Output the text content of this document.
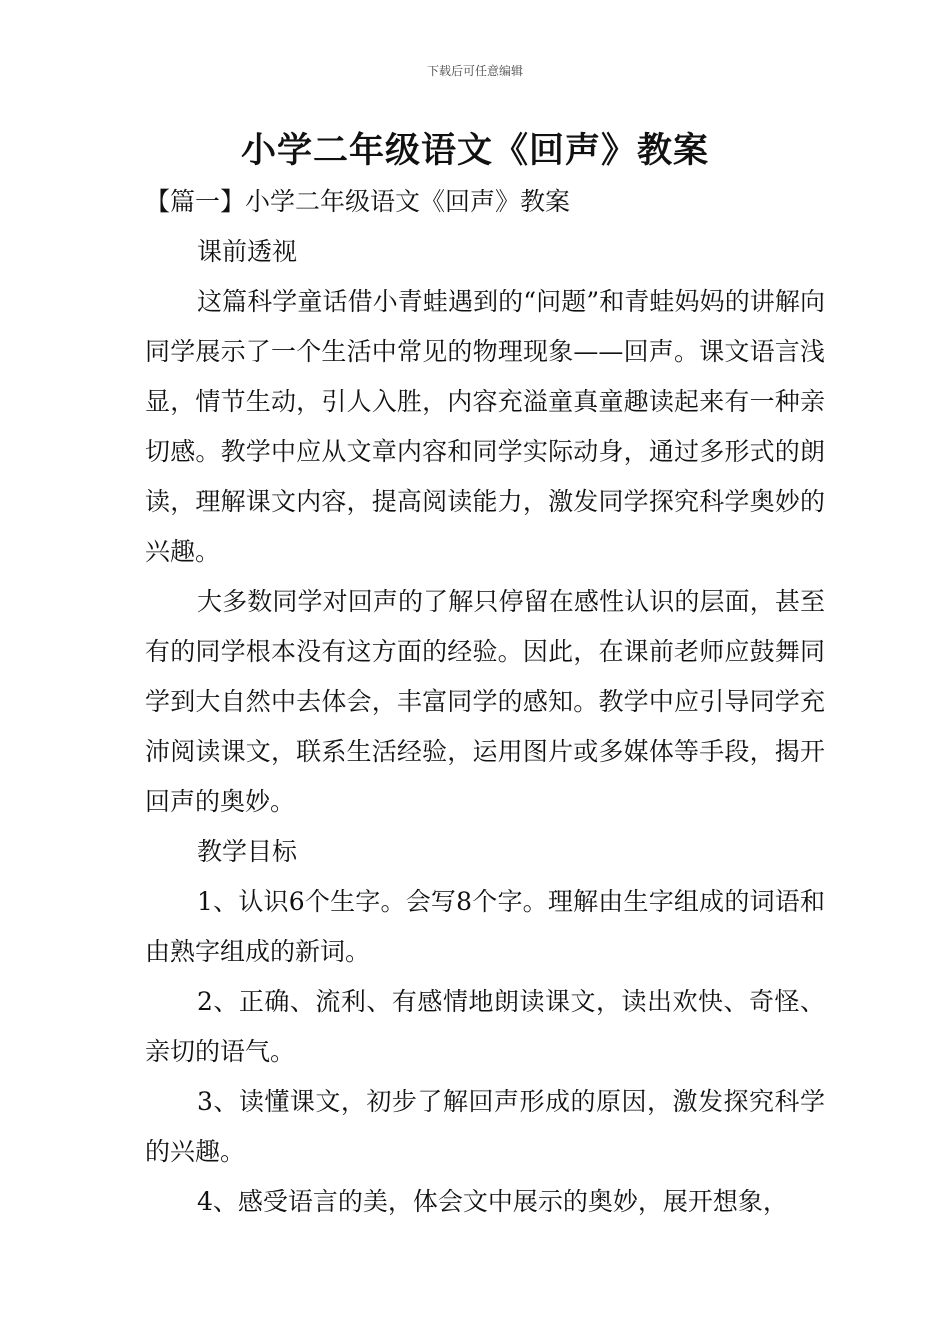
下载后可任意编辑
小学二年级语文《回声》教案

【篇一】小学二年级语文《回声》教案

课前透视

这篇科学童话借小青蛙遇到的“问题”和青蛙妈妈的讲解向同学展示了一个生活中常见的物理现象——回声。课文语言浅显，情节生动，引人入胜，内容充溢童真童趣读起来有一种亲切感。教学中应从文章内容和同学实际动身，通过多形式的朗读，理解课文内容，提高阅读能力，激发同学探究科学奥妙的兴趣。

大多数同学对回声的了解只停留在感性认识的层面，甚至有的同学根本没有这方面的经验。因此，在课前老师应鼓舞同学到大自然中去体会，丰富同学的感知。教学中应引导同学充沛阅读课文，联系生活经验，运用图片或多媒体等手段，揭开回声的奥妙。

教学目标

1、认识6个生字。会写8个字。理解由生字组成的词语和由熟字组成的新词。

2、正确、流利、有感情地朗读课文，读出欢快、奇怪、亲切的语气。

3、读懂课文，初步了解回声形成的原因，激发探究科学的兴趣。

4、感受语言的美，体会文中展示的奥妙，展开想象，
